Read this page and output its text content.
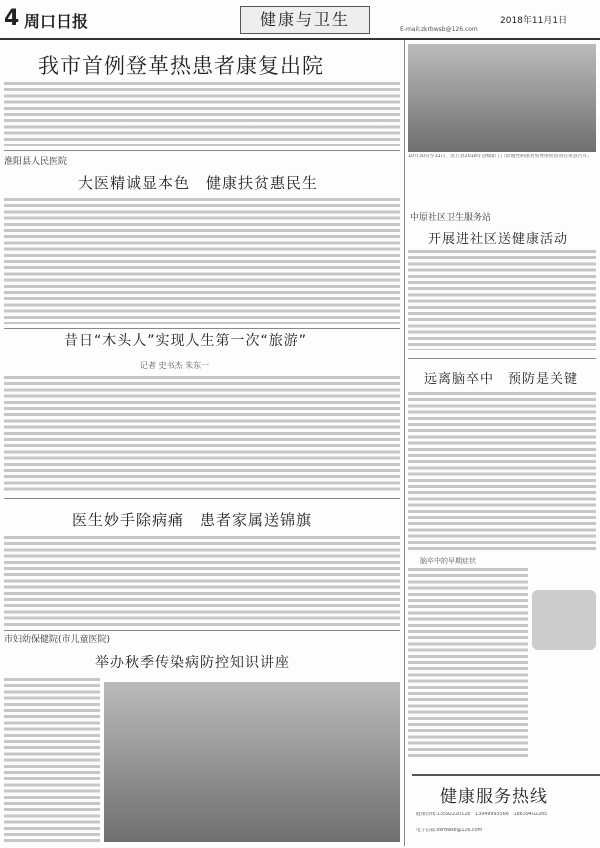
4 周口日报	健康与卫生
E-mail:zkrbwsb@126.com
2018年11月1日
我市首例登革热患者康复出院
淮阳县人民医院
大医精诚显本色　健康扶贫惠民生
昔日“木头人”实现人生第一次“旅游”
记者 史书杰 朱东一
医生妙手除病痛　患者家属送锦旗
市妇幼保健院(市儿童医院)
举办秋季传染病防控知识讲座

10月30日至31日，沈丘县2018年县级职工门诊慢性病患者免费体检活动在该县召开。

中原社区卫生服务站
开展进社区送健康活动
远离脑卒中　预防是关键
脑卒中的早期症状
健康服务热线

健康热线:13592220126　13949993566　18639402285

电子信箱:zkrbwsb@126.com
